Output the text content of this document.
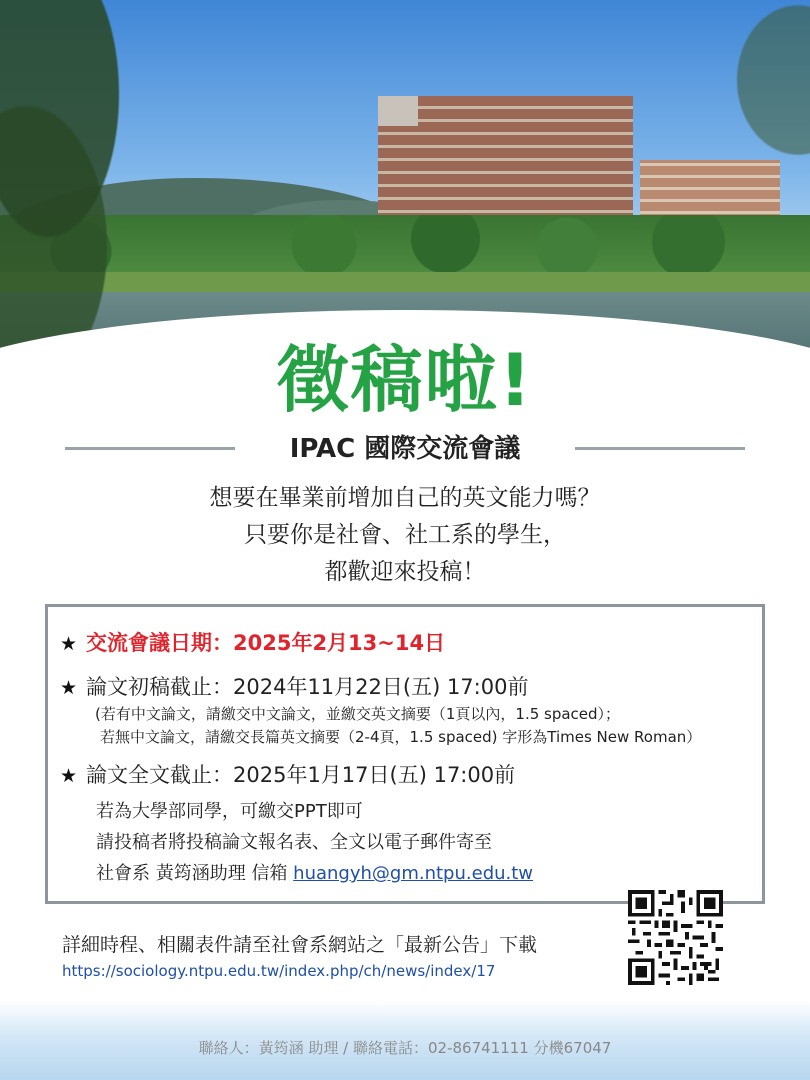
徵稿啦!
IPAC 國際交流會議
想要在畢業前增加自己的英文能力嗎？
只要你是社會、社工系的學生，
都歡迎來投稿！
★ 交流會議日期：2025年2月13~14日
★ 論文初稿截止：2024年11月22日(五) 17:00前
(若有中文論文，請繳交中文論文，並繳交英文摘要（1頁以內，1.5 spaced）；
若無中文論文，請繳交長篇英文摘要（2-4頁，1.5 spaced) 字形為Times New Roman）
★ 論文全文截止：2025年1月17日(五) 17:00前
若為大學部同學，可繳交PPT即可
請投稿者將投稿論文報名表、全文以電子郵件寄至
社會系 黃筠涵助理 信箱 huangyh@gm.ntpu.edu.tw
詳細時程、相關表件請至社會系網站之「最新公告」下載
https://sociology.ntpu.edu.tw/index.php/ch/news/index/17
聯絡人：黃筠涵 助理 / 聯絡電話：02-86741111 分機67047
